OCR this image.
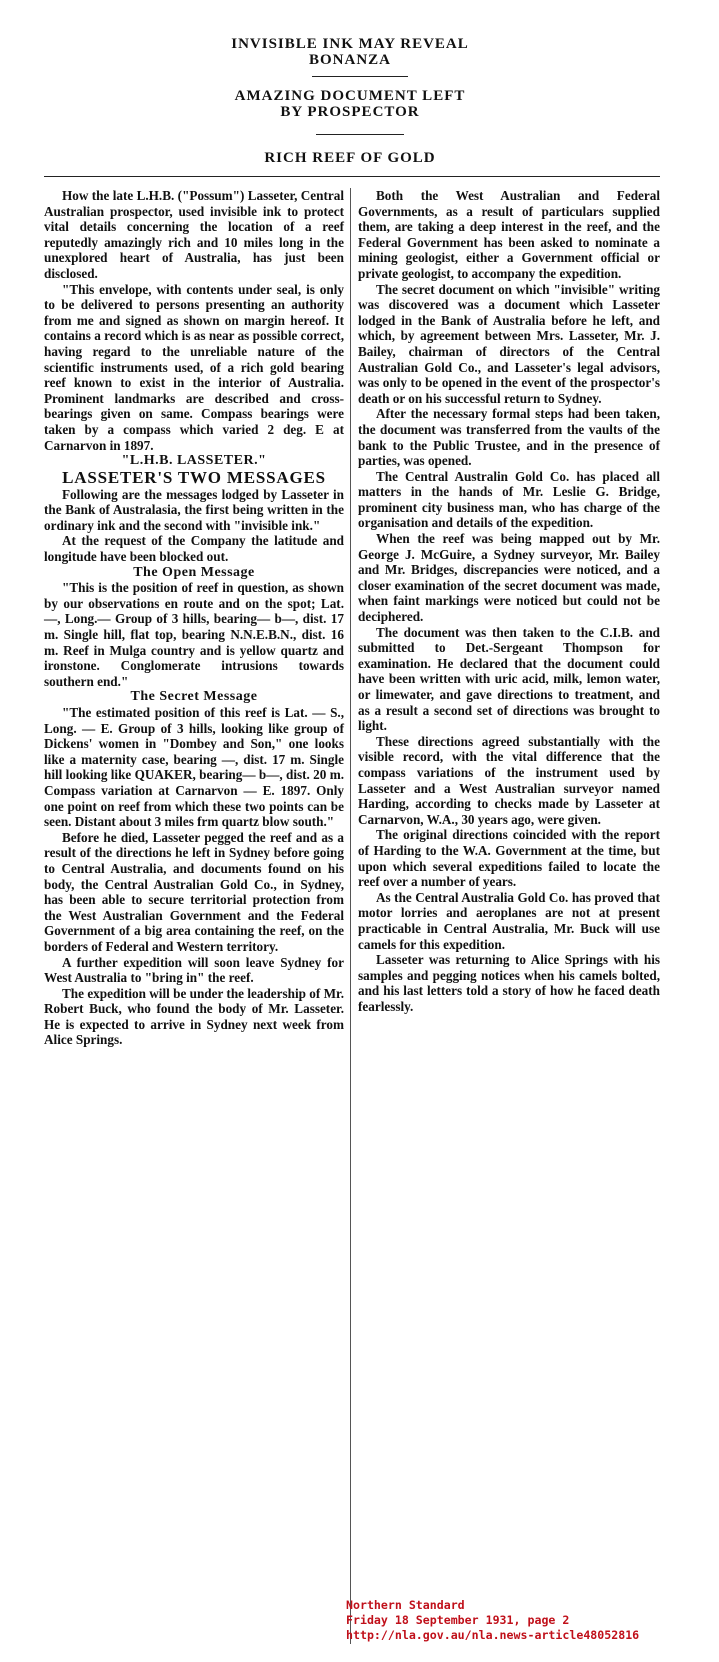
INVISIBLE INK MAY REVEAL
BONANZA
AMAZING DOCUMENT LEFT
BY PROSPECTOR
RICH REEF OF GOLD

How the late L.H.B. ("Possum") Lasseter, Central Australian prospector, used invisible ink to protect vital details concerning the location of a reef reputedly amazingly rich and 10 miles long in the unexplored heart of Australia, has just been disclosed.

"This envelope, with contents under seal, is only to be delivered to persons presenting an authority from me and signed as shown on margin hereof. It contains a record which is as near as possible correct, having regard to the unreliable nature of the scientific instruments used, of a rich gold bearing reef known to exist in the interior of Australia. Prominent landmarks are described and cross-bearings given on same. Compass bearings were taken by a compass which varied 2 deg. E at Carnarvon in 1897.

"L.H.B. LASSETER."

LASSETER'S TWO MESSAGES

Following are the messages lodged by Lasseter in the Bank of Australasia, the first being written in the ordinary ink and the second with "invisible ink."

At the request of the Company the latitude and longitude have been blocked out.

The Open Message

"This is the position of reef in question, as shown by our observations en route and on the spot; Lat. —, Long.— Group of 3 hills, bearing— b—, dist. 17 m. Single hill, flat top, bearing N.N.E.B.N., dist. 16 m. Reef in Mulga country and is yellow quartz and ironstone. Conglomerate intrusions towards southern end."

The Secret Message

"The estimated position of this reef is Lat. — S., Long. — E. Group of 3 hills, looking like group of Dickens' women in "Dombey and Son," one looks like a maternity case, bearing —, dist. 17 m. Single hill looking like QUAKER, bearing— b—, dist. 20 m. Compass variation at Carnarvon — E. 1897. Only one point on reef from which these two points can be seen. Distant about 3 miles frm quartz blow south."

Before he died, Lasseter pegged the reef and as a result of the directions he left in Sydney before going to Central Australia, and documents found on his body, the Central Australian Gold Co., in Sydney, has been able to secure territorial protection from the West Australian Government and the Federal Government of a big area containing the reef, on the borders of Federal and Western territory.

A further expedition will soon leave Sydney for West Australia to "bring in" the reef.

The expedition will be under the leadership of Mr. Robert Buck, who found the body of Mr. Lasseter. He is expected to arrive in Sydney next week from Alice Springs.

Both the West Australian and Federal Governments, as a result of particulars supplied them, are taking a deep interest in the reef, and the Federal Government has been asked to nominate a mining geologist, either a Government official or private geologist, to accompany the expedition.

The secret document on which "invisible" writing was discovered was a document which Lasseter lodged in the Bank of Australia before he left, and which, by agreement between Mrs. Lasseter, Mr. J. Bailey, chairman of directors of the Central Australian Gold Co., and Lasseter's legal advisors, was only to be opened in the event of the prospector's death or on his successful return to Sydney.

After the necessary formal steps had been taken, the document was transferred from the vaults of the bank to the Public Trustee, and in the presence of parties, was opened.

The Central Australin Gold Co. has placed all matters in the hands of Mr. Leslie G. Bridge, prominent city business man, who has charge of the organisation and details of the expedition.

When the reef was being mapped out by Mr. George J. McGuire, a Sydney surveyor, Mr. Bailey and Mr. Bridges, discrepancies were noticed, and a closer examination of the secret document was made, when faint markings were noticed but could not be deciphered.

The document was then taken to the C.I.B. and submitted to Det.-Sergeant Thompson for examination. He declared that the document could have been written with uric acid, milk, lemon water, or limewater, and gave directions to treatment, and as a result a second set of directions was brought to light.

These directions agreed substantially with the visible record, with the vital difference that the compass variations of the instrument used by Lasseter and a West Australian surveyor named Harding, according to checks made by Lasseter at Carnarvon, W.A., 30 years ago, were given.

The original directions coincided with the report of Harding to the W.A. Government at the time, but upon which several expeditions failed to locate the reef over a number of years.

As the Central Australia Gold Co. has proved that motor lorries and aeroplanes are not at present practicable in Central Australia, Mr. Buck will use camels for this expedition.

Lasseter was returning to Alice Springs with his samples and pegging notices when his camels bolted, and his last letters told a story of how he faced death fearlessly.

Northern Standard
Friday 18 September 1931, page 2
http://nla.gov.au/nla.news-article48052816
